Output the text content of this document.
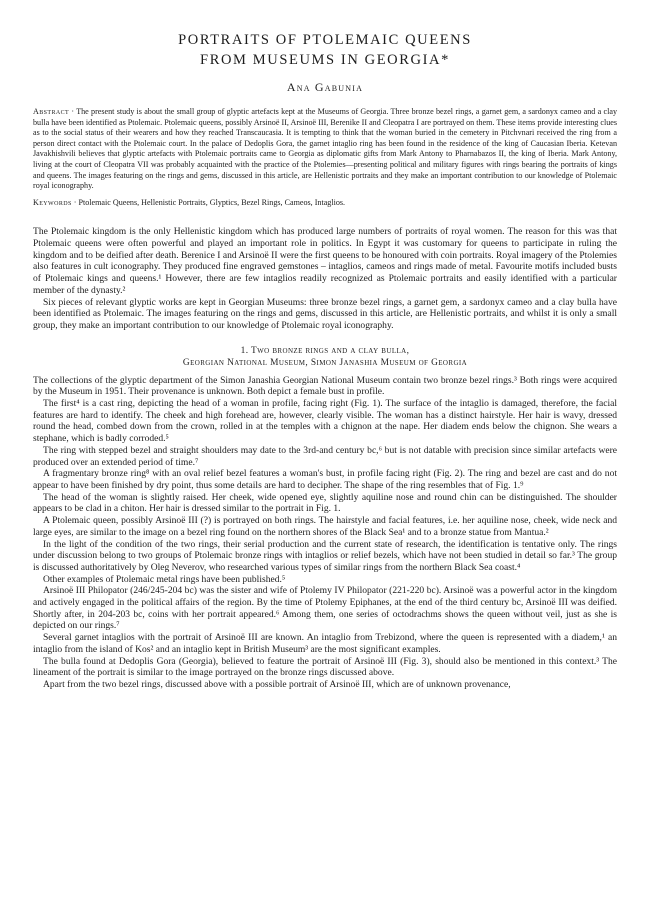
PORTRAITS OF PTOLEMAIC QUEENS
FROM MUSEUMS IN GEORGIA*
Ana Gabunia

Abstract · The present study is about the small group of glyptic artefacts kept at the Museums of Georgia. Three bronze bezel rings, a garnet gem, a sardonyx cameo and a clay bulla have been identified as Ptolemaic. Ptolemaic queens, possibly Arsinoë II, Arsinoë III, Berenike II and Cleopatra I are portrayed on them. These items provide interesting clues as to the social status of their wearers and how they reached Transcaucasia. It is tempting to think that the woman buried in the cemetery in Pitchvnari received the ring from a person direct contact with the Ptolemaic court. In the palace of Dedoplis Gora, the garnet intaglio ring has been found in the residence of the king of Caucasian Iberia. Ketevan Javakhishvili believes that glyptic artefacts with Ptolemaic portraits came to Georgia as diplomatic gifts from Mark Antony to Pharnabazos II, the king of Iberia. Mark Antony, living at the court of Cleopatra VII was probably acquainted with the practice of the Ptolemies—presenting political and military figures with rings bearing the portraits of kings and queens. The images featuring on the rings and gems, discussed in this article, are Hellenistic portraits and they make an important contribution to our knowledge of Ptolemaic royal iconography.

Keywords · Ptolemaic Queens, Hellenistic Portraits, Glyptics, Bezel Rings, Cameos, Intaglios.

The Ptolemaic kingdom is the only Hellenistic kingdom which has produced large numbers of portraits of royal women. The reason for this was that Ptolemaic queens were often powerful and played an important role in politics. In Egypt it was customary for queens to participate in ruling the kingdom and to be deified after death. Berenice I and Arsinoë II were the first queens to be honoured with coin portraits. Royal imagery of the Ptolemies also features in cult iconography. They produced fine engraved gemstones – intaglios, cameos and rings made of metal. Favourite motifs included busts of Ptolemaic kings and queens.¹ However, there are few intaglios readily recognized as Ptolemaic portraits and easily identified with a particular member of the dynasty.²

Six pieces of relevant glyptic works are kept in Georgian Museums: three bronze bezel rings, a garnet gem, a sardonyx cameo and a clay bulla have been identified as Ptolemaic. The images featuring on the rings and gems, discussed in this article, are Hellenistic portraits, and whilst it is only a small group, they make an important contribution to our knowledge of Ptolemaic royal iconography.

1. Two bronze rings and a clay bulla,
Georgian National Museum, Simon Janashia Museum of Georgia

The collections of the glyptic department of the Simon Janashia Georgian National Museum contain two bronze bezel rings.³ Both rings were acquired by the Museum in 1951. Their provenance is unknown. Both depict a female bust in profile.

The first⁴ is a cast ring, depicting the head of a woman in profile, facing right (Fig. 1). The surface of the intaglio is damaged, therefore, the facial features are hard to identify. The cheek and high forehead are, however, clearly visible. The woman has a distinct hairstyle. Her hair is wavy, dressed round the head, combed down from the crown, rolled in at the temples with a chignon at the nape. Her diadem ends below the chignon. She wears a stephane, which is badly corroded.⁵

The ring with stepped bezel and straight shoulders may date to the 3rd-and century bc,⁶ but is not datable with precision since similar artefacts were produced over an extended period of time.⁷

A fragmentary bronze ring⁸ with an oval relief bezel features a woman's bust, in profile facing right (Fig. 2). The ring and bezel are cast and do not appear to have been finished by dry point, thus some details are hard to decipher. The shape of the ring resembles that of Fig. 1.⁹

The head of the woman is slightly raised. Her cheek, wide opened eye, slightly aquiline nose and round chin can be distinguished. The shoulder appears to be clad in a chiton. Her hair is dressed similar to the portrait in Fig. 1.

A Ptolemaic queen, possibly Arsinoë III (?) is portrayed on both rings. The hairstyle and facial features, i.e. her aquiline nose, cheek, wide neck and large eyes, are similar to the image on a bezel ring found on the northern shores of the Black Sea¹ and to a bronze statue from Mantua.²

In the light of the condition of the two rings, their serial production and the current state of research, the identification is tentative only. The rings under discussion belong to two groups of Ptolemaic bronze rings with intaglios or relief bezels, which have not been studied in detail so far.³ The group is discussed authoritatively by Oleg Neverov, who researched various types of similar rings from the northern Black Sea coast.⁴

Other examples of Ptolemaic metal rings have been published.⁵

Arsinoë III Philopator (246/245-204 bc) was the sister and wife of Ptolemy IV Philopator (221-220 bc). Arsinoë was a powerful actor in the kingdom and actively engaged in the political affairs of the region. By the time of Ptolemy Epiphanes, at the end of the third century bc, Arsinoë III was deified. Shortly after, in 204-203 bc, coins with her portrait appeared.⁶ Among them, one series of octodrachms shows the queen without veil, just as she is depicted on our rings.⁷

Several garnet intaglios with the portrait of Arsinoë III are known. An intaglio from Trebizond, where the queen is represented with a diadem,¹ an intaglio from the island of Kos² and an intaglio kept in British Museum³ are the most significant examples.

The bulla found at Dedoplis Gora (Georgia), believed to feature the portrait of Arsinoë III (Fig. 3), should also be mentioned in this context.³ The lineament of the portrait is similar to the image portrayed on the bronze rings discussed above.

Apart from the two bezel rings, discussed above with a possible portrait of Arsinoë III, which are of unknown provenance,
